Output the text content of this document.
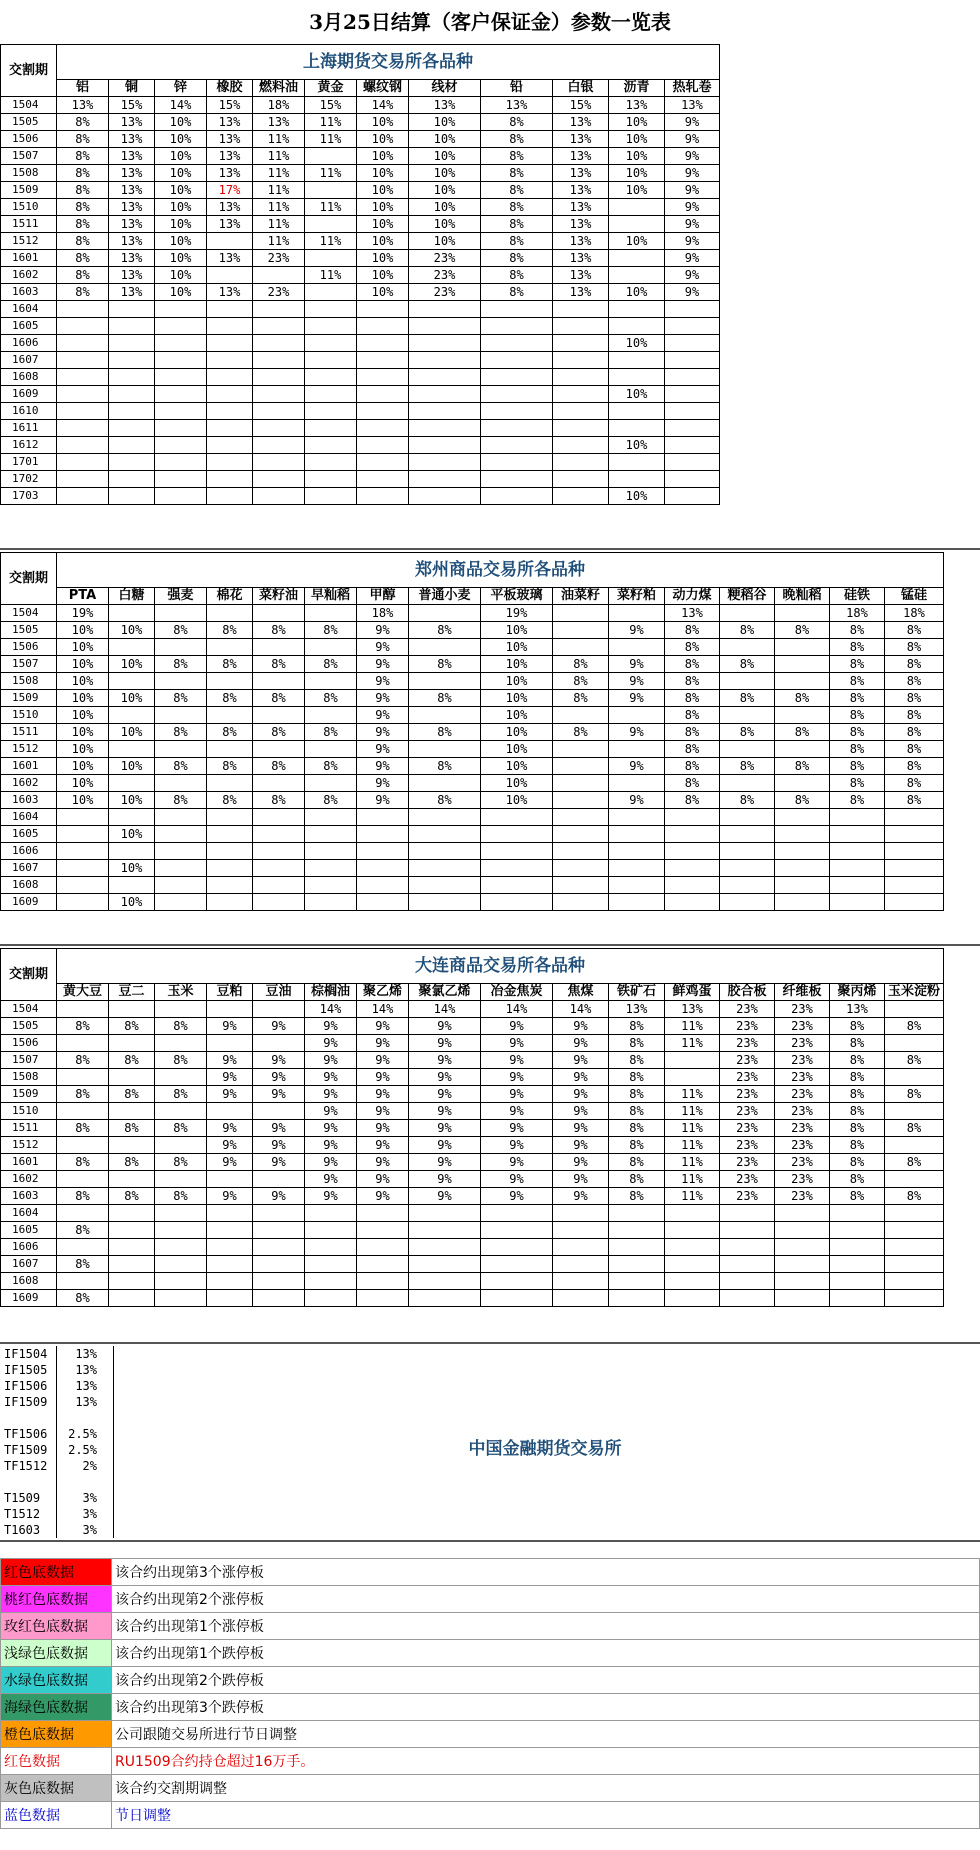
3月25日结算（客户保证金）参数一览表
交割期	上海期货交易所各品种											
	铝	铜	锌	橡胶	燃料油	黄金	螺纹钢	线材	铅	白银	沥青	热轧卷
1504	13%	15%	14%	15%	18%	15%	14%	13%	13%	15%	13%	13%
1505	8%	13%	10%	13%	13%	11%	10%	10%	8%	13%	10%	9%
1506	8%	13%	10%	13%	11%	11%	10%	10%	8%	13%	10%	9%
1507	8%	13%	10%	13%	11%		10%	10%	8%	13%	10%	9%
1508	8%	13%	10%	13%	11%	11%	10%	10%	8%	13%	10%	9%
1509	8%	13%	10%	17%	11%		10%	10%	8%	13%	10%	9%
1510	8%	13%	10%	13%	11%	11%	10%	10%	8%	13%		9%
1511	8%	13%	10%	13%	11%		10%	10%	8%	13%		9%
1512	8%	13%	10%		11%	11%	10%	10%	8%	13%	10%	9%
1601	8%	13%	10%	13%	23%		10%	23%	8%	13%		9%
1602	8%	13%	10%			11%	10%	23%	8%	13%		9%
1603	8%	13%	10%	13%	23%		10%	23%	8%	13%	10%	9%
1604												
1605												
1606											10%	
1607												
1608												
1609											10%	
1610												
1611												
1612											10%	
1701												
1702												
1703											10%	
交割期	郑州商品交易所各品种															
	PTA	白糖	强麦	棉花	菜籽油	早籼稻	甲醇	普通小麦	平板玻璃	油菜籽	菜籽粕	动力煤	粳稻谷	晚籼稻	硅铁	锰硅
1504	19%						18%		19%			13%			18%	18%
1505	10%	10%	8%	8%	8%	8%	9%	8%	10%		9%	8%	8%	8%	8%	8%
1506	10%						9%		10%			8%			8%	8%
1507	10%	10%	8%	8%	8%	8%	9%	8%	10%	8%	9%	8%	8%		8%	8%
1508	10%						9%		10%	8%	9%	8%			8%	8%
1509	10%	10%	8%	8%	8%	8%	9%	8%	10%	8%	9%	8%	8%	8%	8%	8%
1510	10%						9%		10%			8%			8%	8%
1511	10%	10%	8%	8%	8%	8%	9%	8%	10%	8%	9%	8%	8%	8%	8%	8%
1512	10%						9%		10%			8%			8%	8%
1601	10%	10%	8%	8%	8%	8%	9%	8%	10%		9%	8%	8%	8%	8%	8%
1602	10%						9%		10%			8%			8%	8%
1603	10%	10%	8%	8%	8%	8%	9%	8%	10%		9%	8%	8%	8%	8%	8%
1604																
1605		10%														
1606																
1607		10%														
1608																
1609		10%														
交割期	大连商品交易所各品种															
	黄大豆	豆二	玉米	豆粕	豆油	棕榈油	聚乙烯	聚氯乙烯	冶金焦炭	焦煤	铁矿石	鲜鸡蛋	胶合板	纤维板	聚丙烯	玉米淀粉
1504						14%	14%	14%	14%	14%	13%	13%	23%	23%	13%	
1505	8%	8%	8%	9%	9%	9%	9%	9%	9%	9%	8%	11%	23%	23%	8%	8%
1506						9%	9%	9%	9%	9%	8%	11%	23%	23%	8%	
1507	8%	8%	8%	9%	9%	9%	9%	9%	9%	9%	8%		23%	23%	8%	8%
1508				9%	9%	9%	9%	9%	9%	9%	8%		23%	23%	8%	
1509	8%	8%	8%	9%	9%	9%	9%	9%	9%	9%	8%	11%	23%	23%	8%	8%
1510						9%	9%	9%	9%	9%	8%	11%	23%	23%	8%	
1511	8%	8%	8%	9%	9%	9%	9%	9%	9%	9%	8%	11%	23%	23%	8%	8%
1512				9%	9%	9%	9%	9%	9%	9%	8%	11%	23%	23%	8%	
1601	8%	8%	8%	9%	9%	9%	9%	9%	9%	9%	8%	11%	23%	23%	8%	8%
1602						9%	9%	9%	9%	9%	8%	11%	23%	23%	8%	
1603	8%	8%	8%	9%	9%	9%	9%	9%	9%	9%	8%	11%	23%	23%	8%	8%
1604																
1605	8%															
1606																
1607	8%															
1608																
1609	8%															
IF1504	13%
IF1505	13%
IF1506	13%
IF1509	13%

TF1506	2.5%
TF1509	2.5%
TF1512	2%

T1509	3%
T1512	3%
T1603	3%
中国金融期货交易所
红色底数据	该合约出现第3个涨停板
桃红色底数据	该合约出现第2个涨停板
玫红色底数据	该合约出现第1个涨停板
浅绿色底数据	该合约出现第1个跌停板
水绿色底数据	该合约出现第2个跌停板
海绿色底数据	该合约出现第3个跌停板
橙色底数据	公司跟随交易所进行节日调整
红色数据	RU1509合约持仓超过16万手。
灰色底数据	该合约交割期调整
蓝色数据	节日调整
